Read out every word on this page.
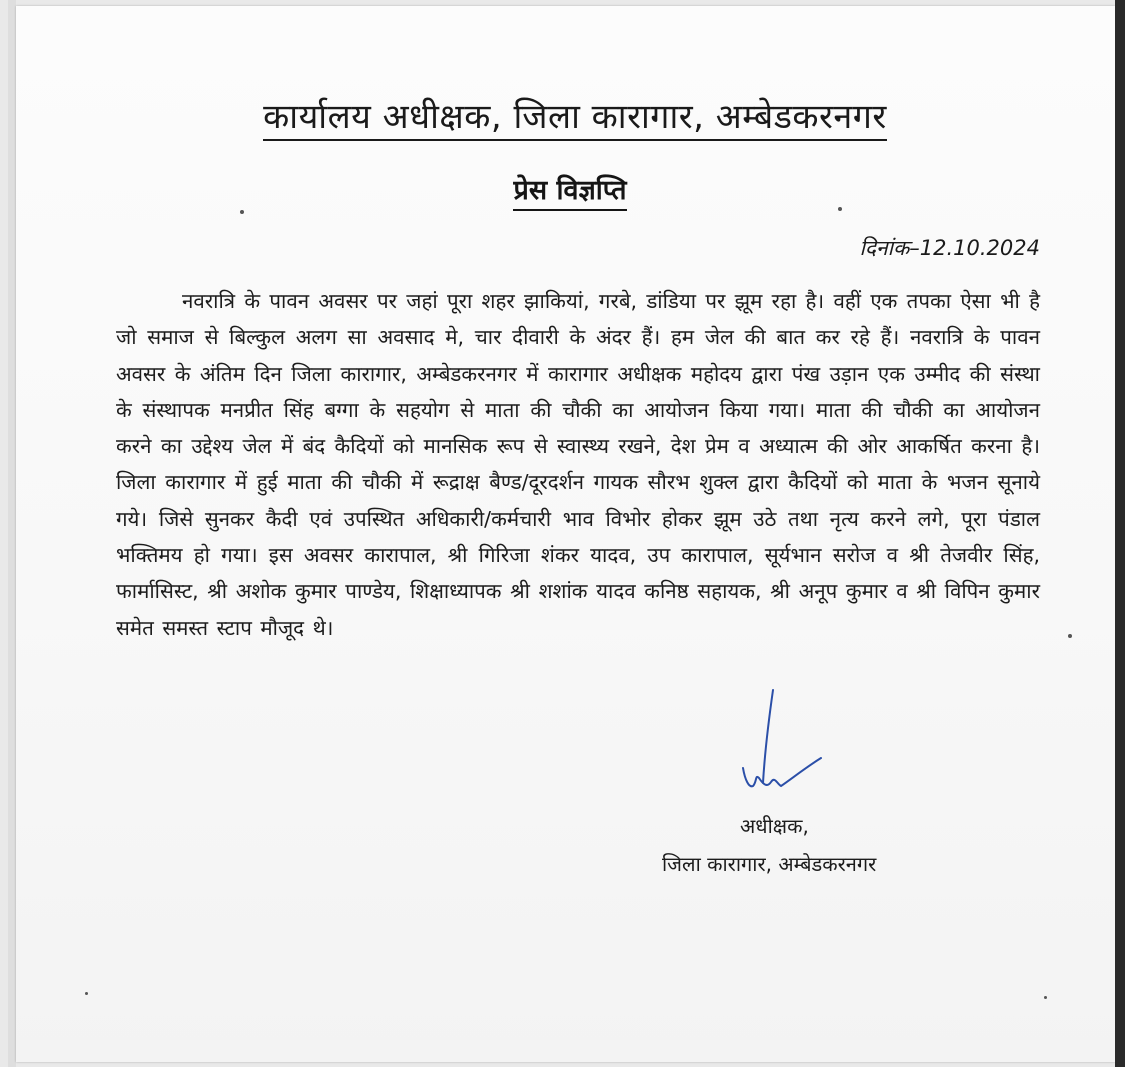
कार्यालय अधीक्षक, जिला कारागार, अम्बेडकरनगर
प्रेस विज्ञप्ति
दिनांक–12.10.2024
नवरात्रि के पावन अवसर पर जहां पूरा शहर झाकियां, गरबे, डांडिया पर झूम रहा है। वहीं एक तपका ऐसा भी है जो समाज से बिल्कुल अलग सा अवसाद मे, चार दीवारी के अंदर हैं। हम जेल की बात कर रहे हैं। नवरात्रि के पावन अवसर के अंतिम दिन जिला कारागार, अम्बेडकरनगर में कारागार अधीक्षक महोदय द्वारा पंख उड़ान एक उम्मीद की संस्था के संस्थापक मनप्रीत सिंह बग्गा के सहयोग से माता की चौकी का आयोजन किया गया। माता की चौकी का आयोजन करने का उद्देश्य जेल में बंद कैदियों को मानसिक रूप से स्वास्थ्य रखने, देश प्रेम व अध्यात्म की ओर आकर्षित करना है। जिला कारागार में हुई माता की चौकी में रूद्राक्ष बैण्ड/दूरदर्शन गायक सौरभ शुक्ल द्वारा कैदियों को माता के भजन सूनाये गये। जिसे सुनकर कैदी एवं उपस्थित अधिकारी/कर्मचारी भाव विभोर होकर झूम उठे तथा नृत्य करने लगे, पूरा पंडाल भक्तिमय हो गया। इस अवसर कारापाल, श्री गिरिजा शंकर यादव, उप कारापाल, सूर्यभान सरोज व श्री तेजवीर सिंह, फार्मासिस्ट, श्री अशोक कुमार पाण्डेय, शिक्षाध्यापक श्री शशांक यादव कनिष्ठ सहायक, श्री अनूप कुमार व श्री विपिन कुमार समेत समस्त स्टाप मौजूद थे।
अधीक्षक,
जिला कारागार, अम्बेडकरनगर
